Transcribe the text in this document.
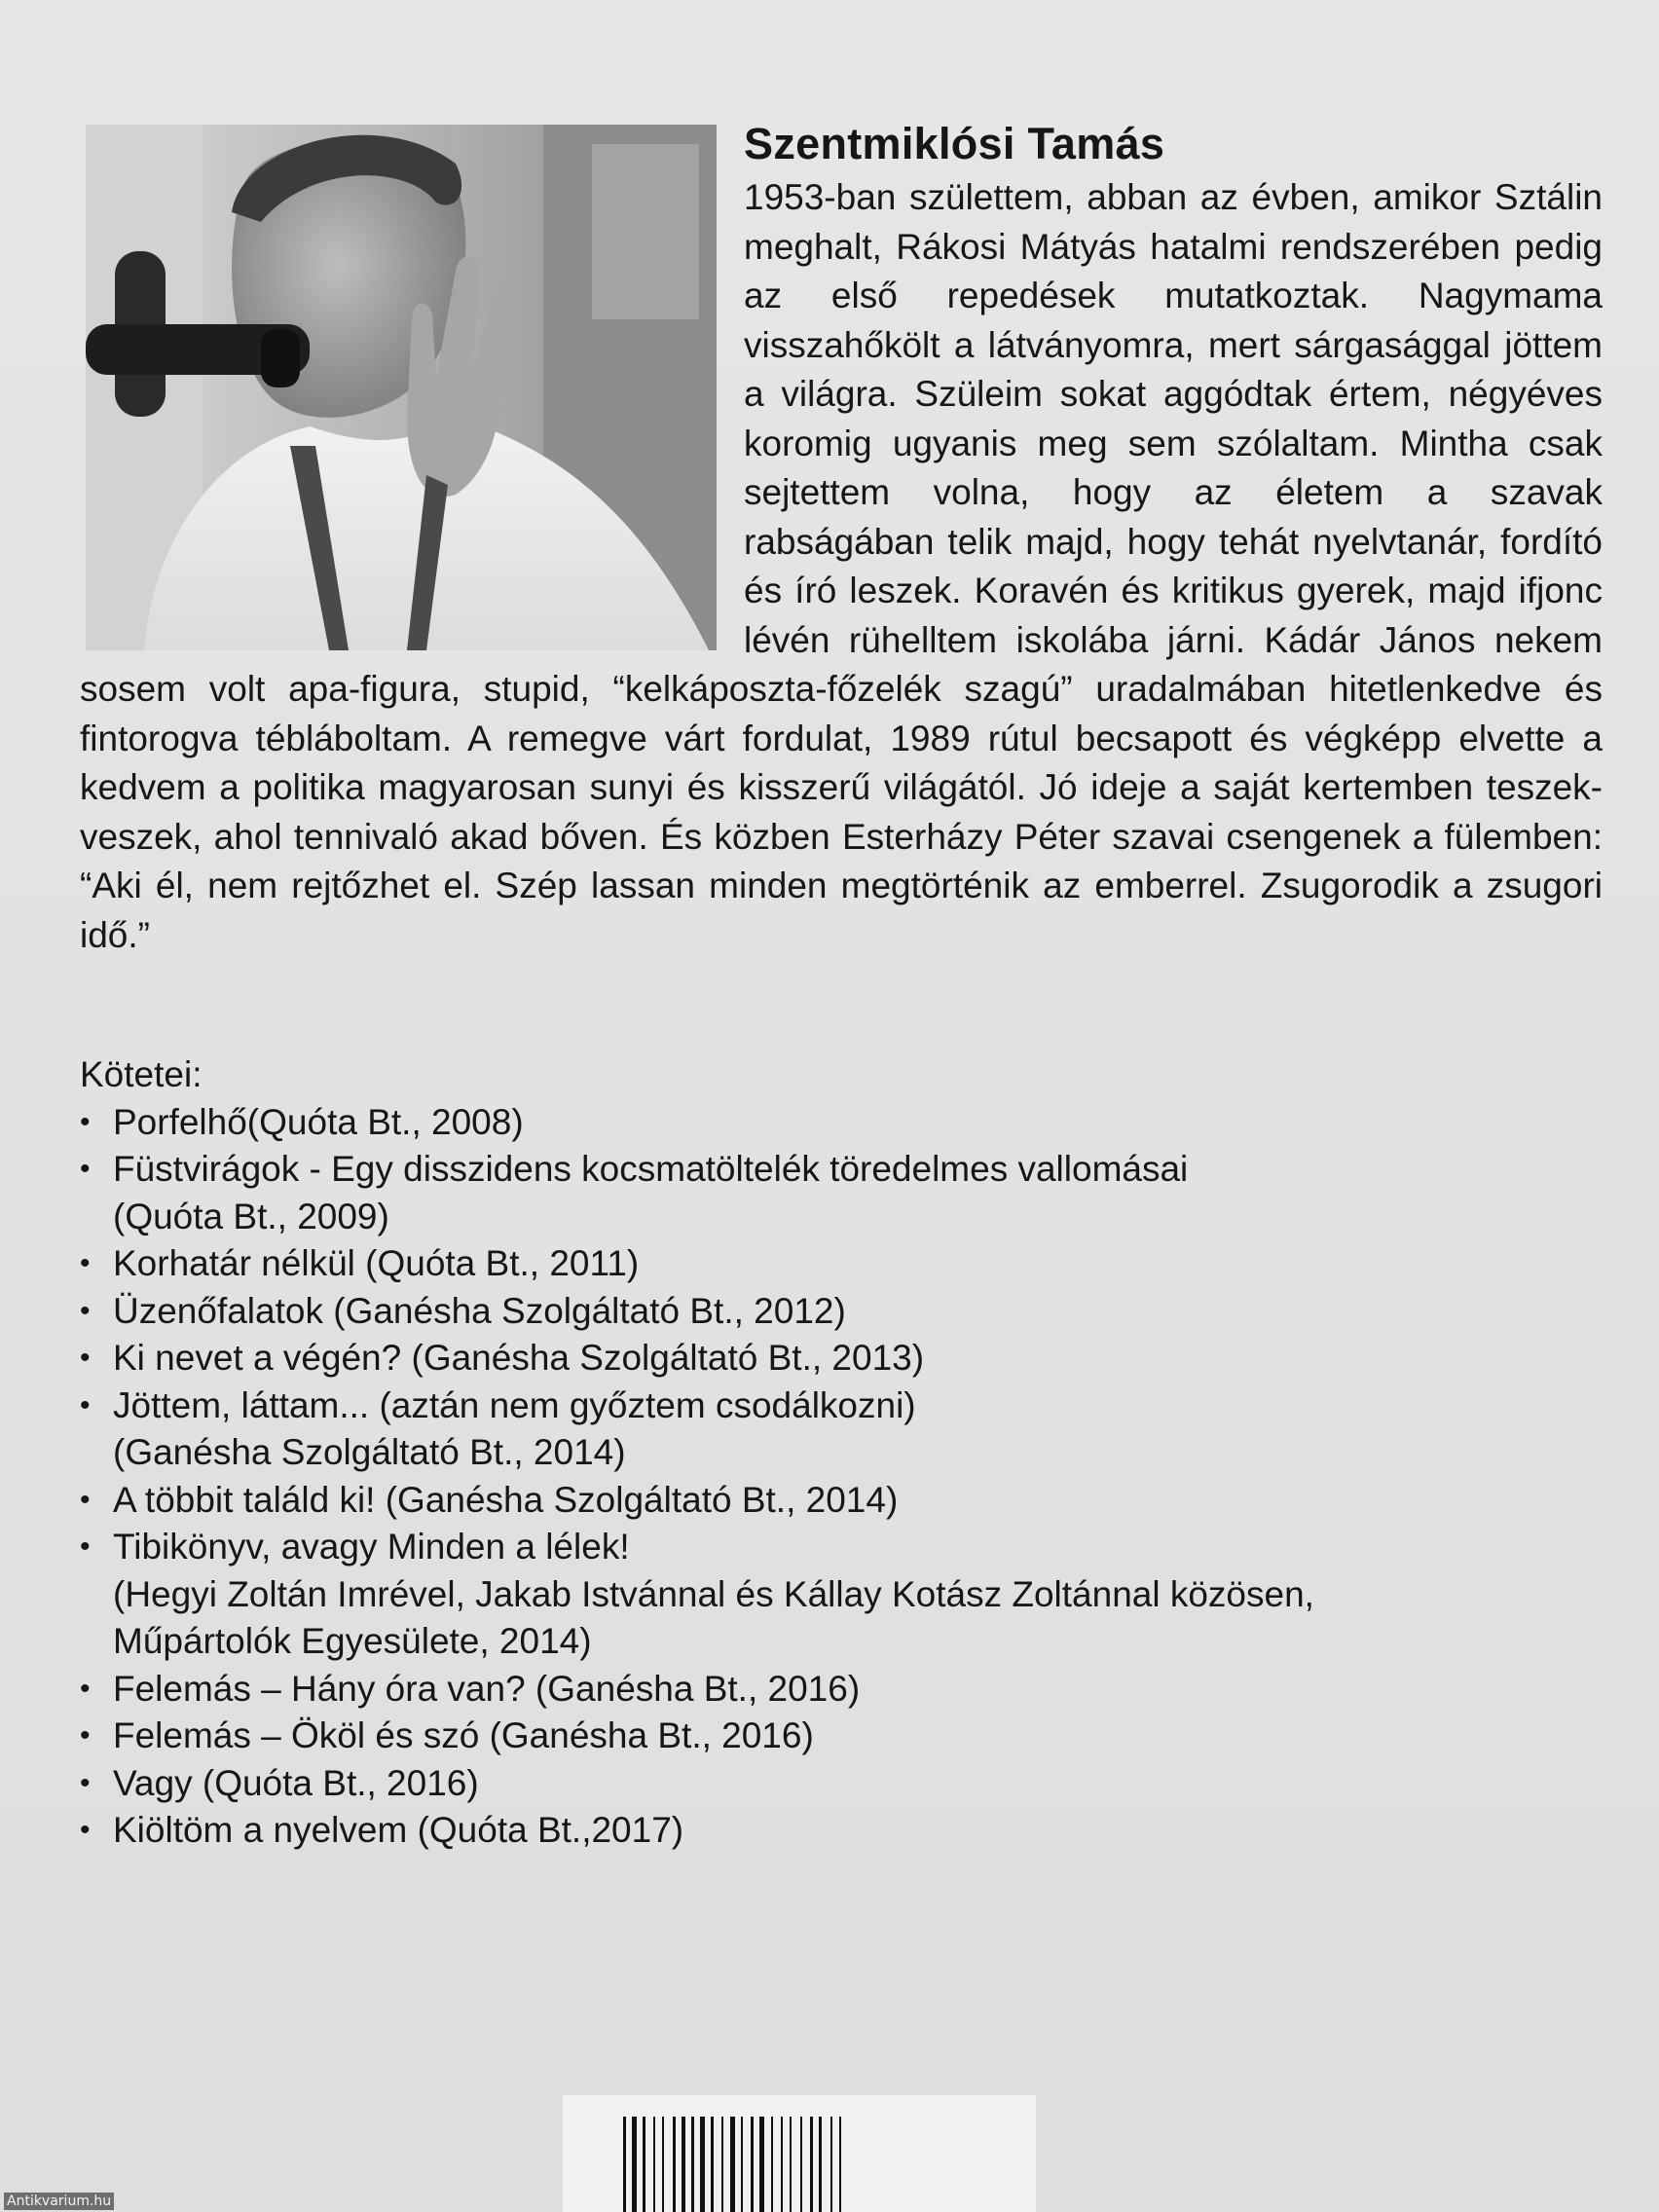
Szentmiklósi Tamás

1953-ban születtem, abban az évben, amikor Sztálin meghalt, Rákosi Mátyás hatalmi rendszerében pedig az első repedések mutatkoztak. Nagymama visszahőkölt a látványomra, mert sárgasággal jöttem a világra. Szüleim sokat aggódtak értem, négyéves koromig ugyanis meg sem szólaltam. Mintha csak sejtettem volna, hogy az életem a szavak rabságában telik majd, hogy tehát nyelvtanár, fordító és író leszek. Koravén és kritikus gyerek, majd ifjonc lévén rühelltem iskolába járni. Kádár János nekem sosem volt apa-figura, stupid, “kelkáposzta-főzelék szagú” uradalmában hitetlenkedve és fintorogva tébláboltam. A remegve várt fordulat, 1989 rútul becsapott és végképp elvette a kedvem a politika magyarosan sunyi és kisszerű világától. Jó ideje a saját kertemben teszek-veszek, ahol tennivaló akad bőven. És közben Esterházy Péter szavai csengenek a fülemben: “Aki él, nem rejtőzhet el. Szép lassan minden megtörténik az emberrel. Zsugorodik a zsugori idő.”

Kötetei:
• Porfelhő(Quóta Bt., 2008)
• Füstvirágok - Egy disszidens kocsmatöltelék töredelmes vallomásai
(Quóta Bt., 2009)
• Korhatár nélkül (Quóta Bt., 2011)
• Üzenőfalatok (Ganésha Szolgáltató Bt., 2012)
• Ki nevet a végén? (Ganésha Szolgáltató Bt., 2013)
• Jöttem, láttam... (aztán nem győztem csodálkozni)
(Ganésha Szolgáltató Bt., 2014)
• A többit találd ki! (Ganésha Szolgáltató Bt., 2014)
• Tibikönyv, avagy Minden a lélek!
(Hegyi Zoltán Imrével, Jakab Istvánnal és Kállay Kotász Zoltánnal közösen,
Műpártolók Egyesülete, 2014)
• Felemás – Hány óra van? (Ganésha Bt., 2016)
• Felemás – Ököl és szó (Ganésha Bt., 2016)
• Vagy (Quóta Bt., 2016)
• Kiöltöm a nyelvem (Quóta Bt.,2017)
Antikvarium.hu
